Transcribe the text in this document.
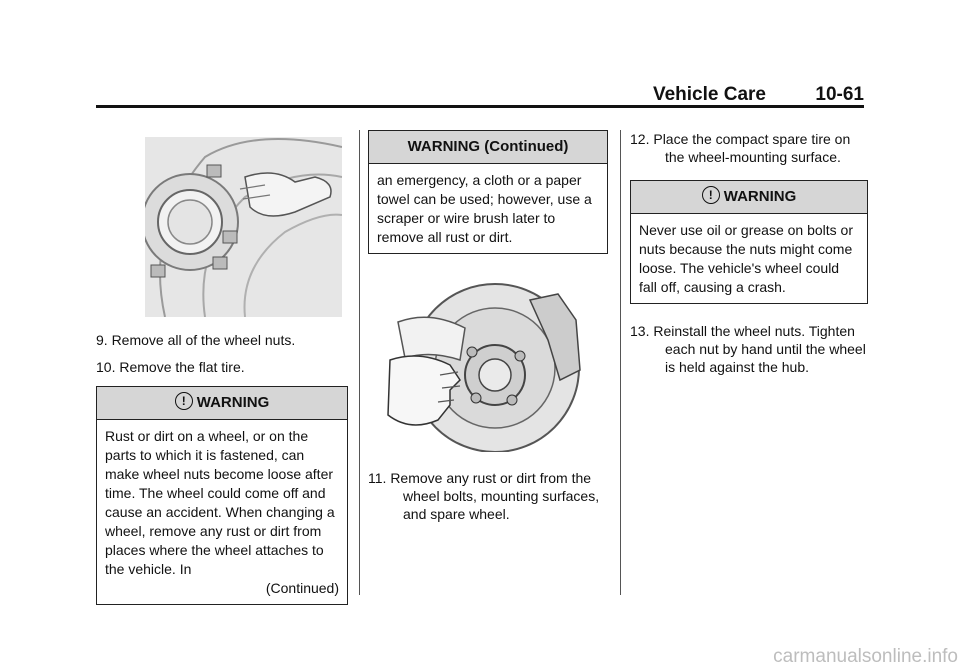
Vehicle Care	10-61
9. Remove all of the wheel nuts.
10. Remove the flat tire.
! WARNING
Rust or dirt on a wheel, or on the parts to which it is fastened, can make wheel nuts become loose after time. The wheel could come off and cause an accident. When changing a wheel, remove any rust or dirt from places where the wheel attaches to the vehicle. In
(Continued)
WARNING (Continued)
an emergency, a cloth or a paper towel can be used; however, use a scraper or wire brush later to remove all rust or dirt.
11. Remove any rust or dirt from the wheel bolts, mounting surfaces, and spare wheel.
12. Place the compact spare tire on the wheel-mounting surface.
! WARNING
Never use oil or grease on bolts or nuts because the nuts might come loose. The vehicle's wheel could fall off, causing a crash.
13. Reinstall the wheel nuts. Tighten each nut by hand until the wheel is held against the hub.
carmanualsonline.info
